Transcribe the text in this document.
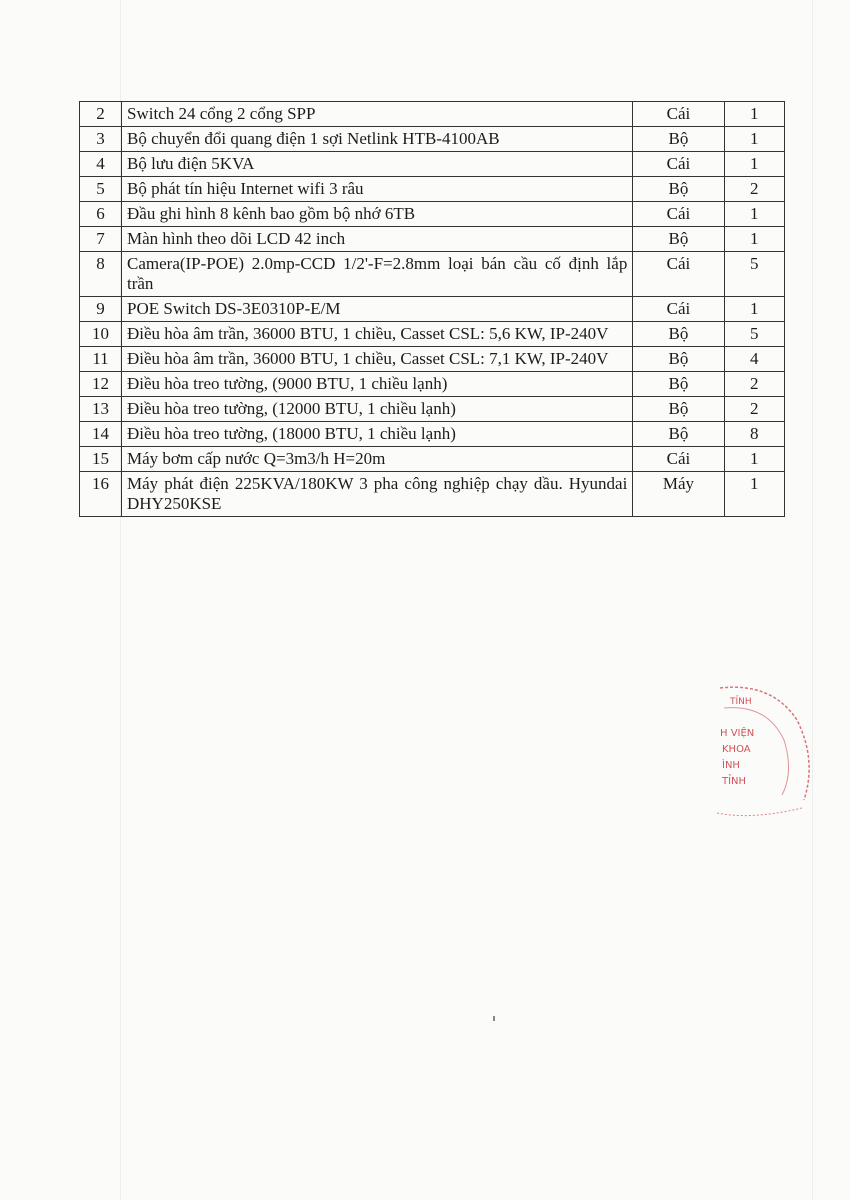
2	Switch 24 cổng 2 cổng SPP	Cái	1
3	Bộ chuyển đổi quang điện 1 sợi Netlink HTB-4100AB	Bộ	1
4	Bộ lưu điện 5KVA	Cái	1
5	Bộ phát tín hiệu Internet wifi 3 râu	Bộ	2
6	Đầu ghi hình 8 kênh bao gồm bộ nhớ 6TB	Cái	1
7	Màn hình theo dõi LCD 42 inch	Bộ	1
8	Camera(IP-POE) 2.0mp-CCD 1/2'-F=2.8mm loại bán cầu cố định lắp trần	Cái	5
9	POE Switch DS-3E0310P-E/M	Cái	1
10	Điều hòa âm trần, 36000 BTU, 1 chiều, Casset CSL: 5,6 KW, IP-240V	Bộ	5
11	Điều hòa âm trần, 36000 BTU, 1 chiều, Casset CSL: 7,1 KW, IP-240V	Bộ	4
12	Điều hòa treo tường, (9000 BTU, 1 chiều lạnh)	Bộ	2
13	Điều hòa treo tường, (12000 BTU, 1 chiều lạnh)	Bộ	2
14	Điều hòa treo tường, (18000 BTU, 1 chiều lạnh)	Bộ	8
15	Máy bơm cấp nước Q=3m3/h H=20m	Cái	1
16	Máy phát điện 225KVA/180KW 3 pha công nghiệp chạy dầu. Hyundai DHY250KSE	Máy	1
TỈNH
H VIỆN
KHOA
ÌNH
TỈNH
